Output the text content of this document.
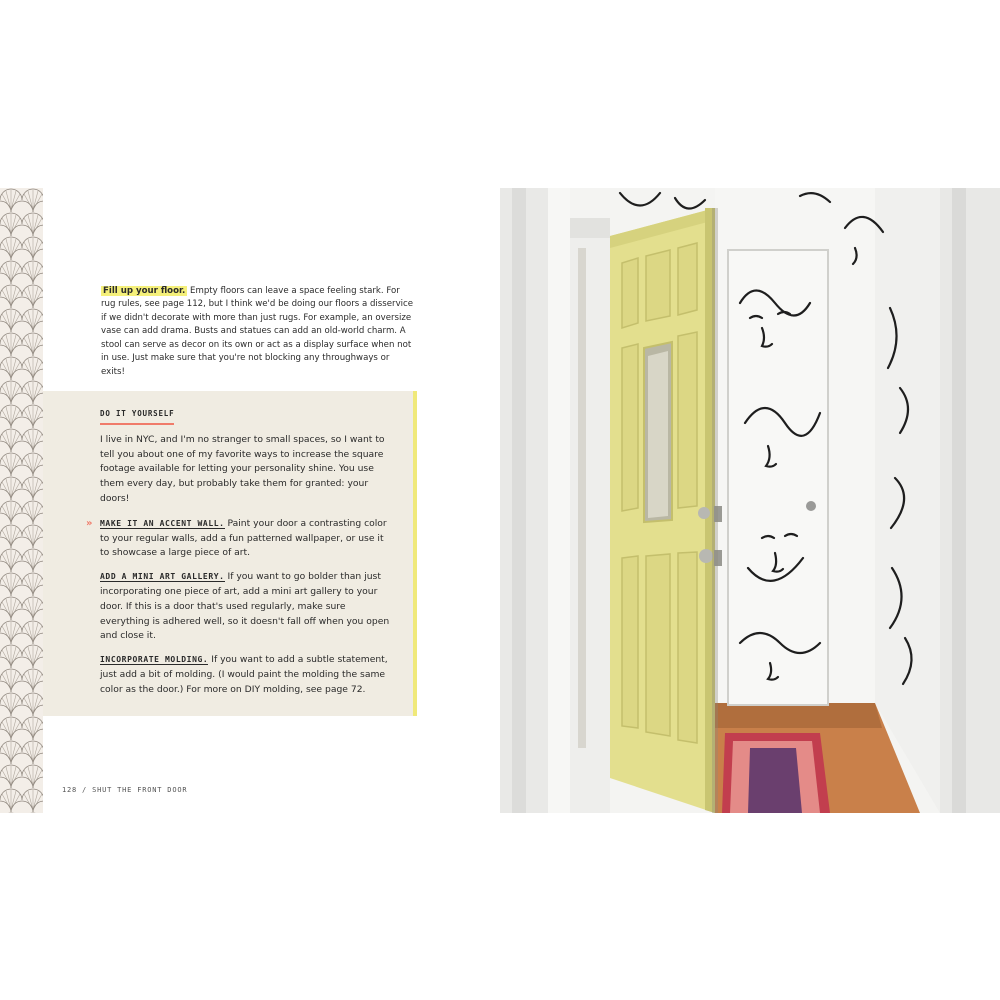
Fill up your floor. Empty floors can leave a space feeling stark. For rug rules, see page 112, but I think we'd be doing our floors a disservice if we didn't decorate with more than just rugs. For example, an oversize vase can add drama. Busts and statues can add an old-world charm. A stool can serve as decor on its own or act as a display surface when not in use. Just make sure that you're not blocking any throughways or exits!

DO IT YOURSELF

I live in NYC, and I'm no stranger to small spaces, so I want to tell you about one of my favorite ways to increase the square footage available for letting your personality shine. You use them every day, but probably take them for granted: your doors!

» MAKE IT AN ACCENT WALL. Paint your door a contrasting color to your regular walls, add a fun patterned wallpaper, or use it to showcase a large piece of art.

ADD A MINI ART GALLERY. If you want to go bolder than just incorporating one piece of art, add a mini art gallery to your door. If this is a door that's used regularly, make sure everything is adhered well, so it doesn't fall off when you open and close it.

INCORPORATE MOLDING. If you want to add a subtle statement, just add a bit of molding. (I would paint the molding the same color as the door.) For more on DIY molding, see page 72.

128 / SHUT THE FRONT DOOR
